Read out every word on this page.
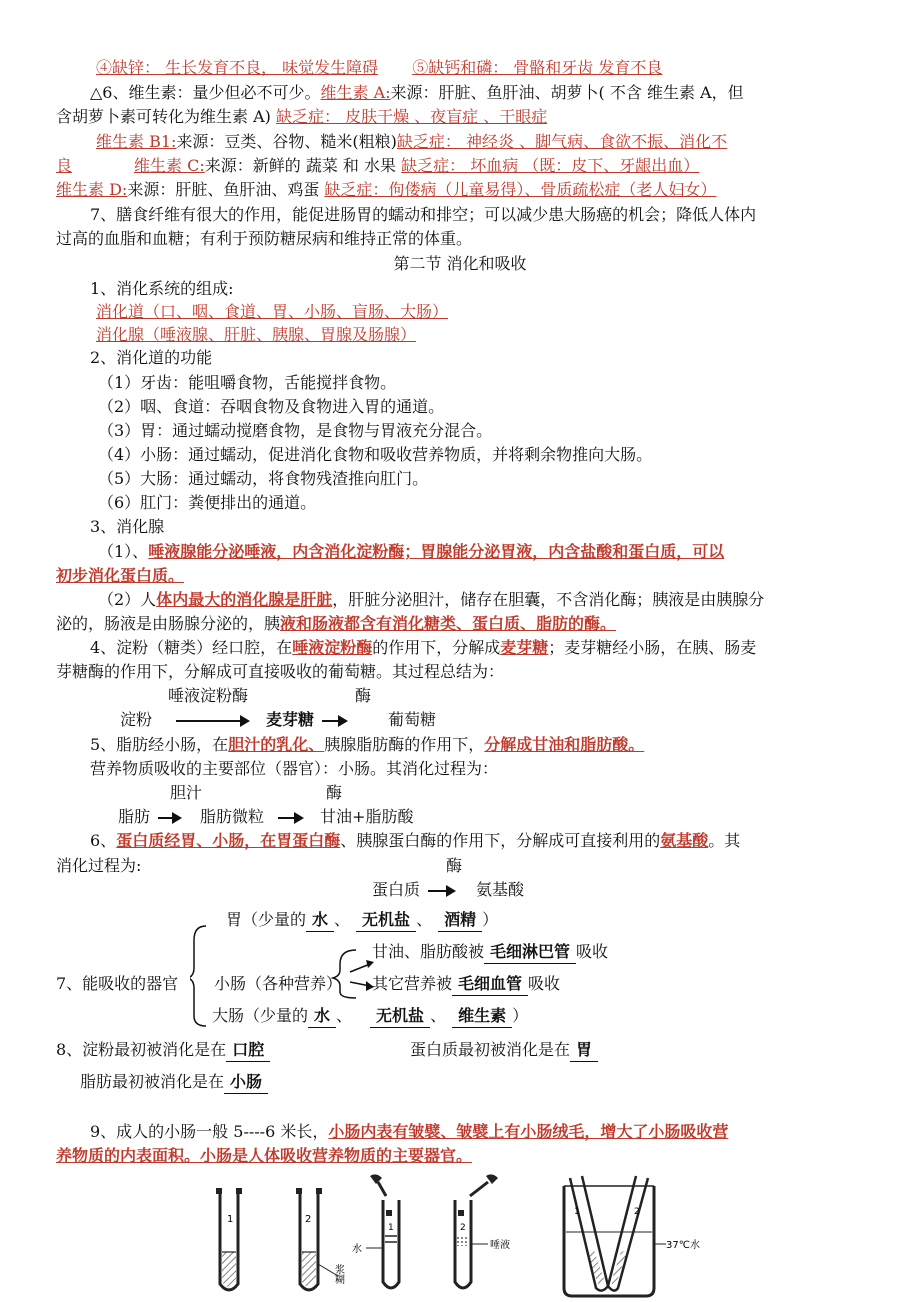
④缺锌： 生长发育不良， 味觉发生障碍 ⑤缺钙和磷： 骨骼和牙齿 发育不良
△6、维生素：量少但必不可少。维生素 A:来源：肝脏、鱼肝油、胡萝卜( 不含 维生素 A，但
含胡萝卜素可转化为维生素 A) 缺乏症： 皮肤干燥 、夜盲症 、干眼症
维生素 B1:来源：豆类、谷物、糙米(粗粮)缺乏症： 神经炎 、脚气病、食欲不振、消化不
良	维生素 C:来源：新鲜的 蔬菜 和 水果 缺乏症： 坏血病 （既：皮下、牙龈出血）
维生素 D:来源：肝脏、鱼肝油、鸡蛋 缺乏症：佝偻病（儿童易得）、骨质疏松症（老人妇女）
7、膳食纤维有很大的作用，能促进肠胃的蠕动和排空；可以减少患大肠癌的机会；降低人体内
过高的血脂和血糖；有利于预防糖尿病和维持正常的体重。
第二节 消化和吸收
1、消化系统的组成:
消化道（口、咽、食道、胃、小肠、盲肠、大肠）
消化腺（唾液腺、肝脏、胰腺、胃腺及肠腺）
2、消化道的功能
（1）牙齿：能咀嚼食物，舌能搅拌食物。
（2）咽、食道：吞咽食物及食物进入胃的通道。
（3）胃：通过蠕动搅磨食物，是食物与胃液充分混合。
（4）小肠：通过蠕动，促进消化食物和吸收营养物质，并将剩余物推向大肠。
（5）大肠：通过蠕动，将食物残渣推向肛门。
（6）肛门：粪便排出的通道。
3、消化腺
（1）、唾液腺能分泌唾液，内含消化淀粉酶；胃腺能分泌胃液，内含盐酸和蛋白质，可以
初步消化蛋白质。
（2）人体内最大的消化腺是肝脏，肝脏分泌胆汁，储存在胆囊，不含消化酶；胰液是由胰腺分
泌的，肠液是由肠腺分泌的，胰液和肠液都含有消化糖类、蛋白质、脂肪的酶。
4、淀粉（糖类）经口腔，在唾液淀粉酶的作用下，分解成麦芽糖；麦芽糖经小肠，在胰、肠麦
芽糖酶的作用下，分解成可直接吸收的葡萄糖。其过程总结为：
唾液淀粉酶	酶
淀粉	麦芽糖	葡萄糖
5、脂肪经小肠，在胆汁的乳化、胰腺脂肪酶的作用下，分解成甘油和脂肪酸。
营养物质吸收的主要部位（器官）：小肠。其消化过程为：
胆汁	酶
脂肪	脂肪微粒	甘油+脂肪酸
6、蛋白质经胃、小肠，在胃蛋白酶、胰腺蛋白酶的作用下，分解成可直接利用的氨基酸。其
消化过程为:	酶
蛋白质	氨基酸
胃（少量的 水 、 无机盐 、 酒精 ）
甘油、脂肪酸被 毛细淋巴管 吸收
7、能吸收的器官 小肠（各种营养） 其它营养被 毛细血管 吸收
大肠（少量的 水 、 无机盐 、 维生素 ）
8、淀粉最初被消化是在 口腔	蛋白质最初被消化是在 胃
脂肪最初被消化是在 小肠
9、成人的小肠一般 5----6 米长，小肠内表有皱襞、皱襞上有小肠绒毛，增大了小肠吸收营
养物质的内表面积。小肠是人体吸收营养物质的主要器官。
1	2
浆糊
1
水
2
唾液
1	2
37℃水
